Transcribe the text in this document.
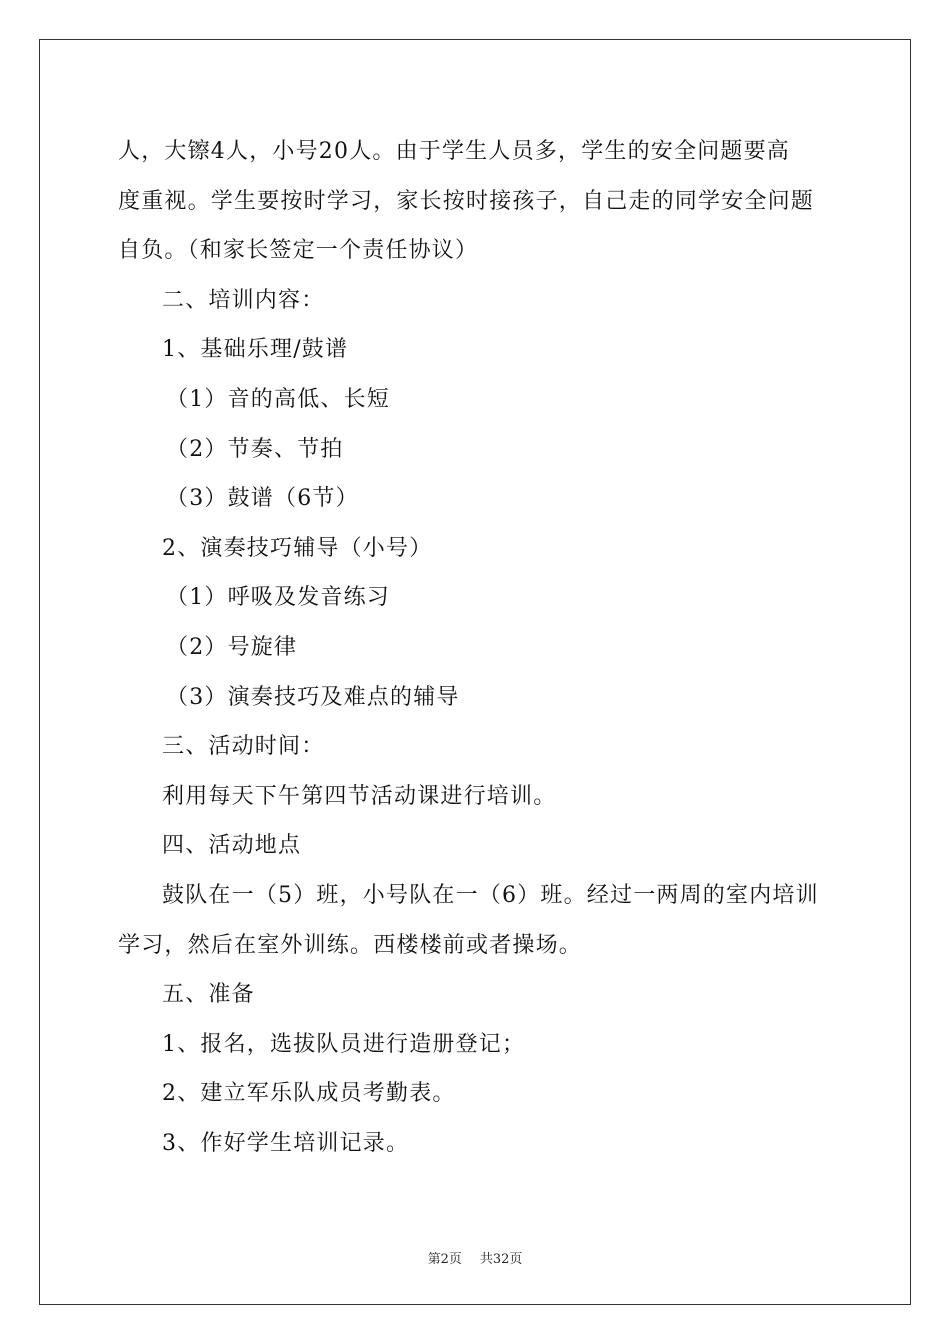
人，大镲4人，小号20人。由于学生人员多，学生的安全问题要高
度重视。学生要按时学习，家长按时接孩子，自己走的同学安全问题
自负。（和家长签定一个责任协议）
二、培训内容：
1、基础乐理/鼓谱
（1）音的高低、长短
（2）节奏、节拍
（3）鼓谱（6节）
2、演奏技巧辅导（小号）
（1）呼吸及发音练习
（2）号旋律
（3）演奏技巧及难点的辅导
三、活动时间：
利用每天下午第四节活动课进行培训。
四、活动地点
鼓队在一（5）班，小号队在一（6）班。经过一两周的室内培训
学习，然后在室外训练。西楼楼前或者操场。
五、准备
1、报名，选拔队员进行造册登记；
2、建立军乐队成员考勤表。
3、作好学生培训记录。
第2页 共32页
